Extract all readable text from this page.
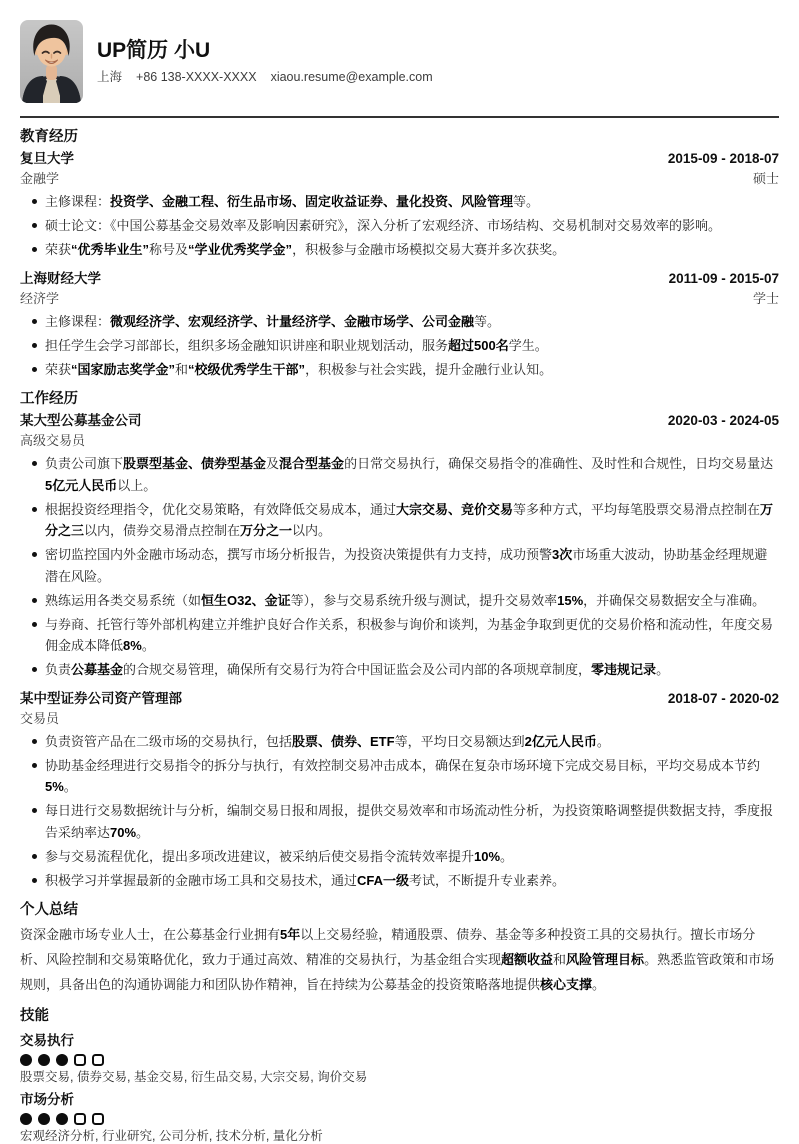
UP简历 小U
上海 +86 138-XXXX-XXXX xiaou.resume@example.com
教育经历
复旦大学	2015-09 - 2018-07
金融学	硕士
主修课程：投资学、金融工程、衍生品市场、固定收益证券、量化投资、风险管理等。
硕士论文：《中国公募基金交易效率及影响因素研究》，深入分析了宏观经济、市场结构、交易机制对交易效率的影响。
荣获“优秀毕业生”称号及“学业优秀奖学金”，积极参与金融市场模拟交易大赛并多次获奖。
上海财经大学	2011-09 - 2015-07
经济学	学士
主修课程：微观经济学、宏观经济学、计量经济学、金融市场学、公司金融等。
担任学生会学习部部长，组织多场金融知识讲座和职业规划活动，服务超过500名学生。
荣获“国家励志奖学金”和“校级优秀学生干部”，积极参与社会实践，提升金融行业认知。
工作经历
某大型公募基金公司	2020-03 - 2024-05
高级交易员
负责公司旗下股票型基金、债券型基金及混合型基金的日常交易执行，确保交易指令的准确性、及时性和合规性，日均交易量达5亿元人民币以上。
根据投资经理指令，优化交易策略，有效降低交易成本，通过大宗交易、竞价交易等多种方式，平均每笔股票交易滑点控制在万分之三以内，债券交易滑点控制在万分之一以内。
密切监控国内外金融市场动态，撰写市场分析报告，为投资决策提供有力支持，成功预警3次市场重大波动，协助基金经理规避潜在风险。
熟练运用各类交易系统（如恒生O32、金证等），参与交易系统升级与测试，提升交易效率15%，并确保交易数据安全与准确。
与券商、托管行等外部机构建立并维护良好合作关系，积极参与询价和谈判，为基金争取到更优的交易价格和流动性，年度交易佣金成本降低8%。
负责公募基金的合规交易管理，确保所有交易行为符合中国证监会及公司内部的各项规章制度，零违规记录。
某中型证券公司资产管理部	2018-07 - 2020-02
交易员
负责资管产品在二级市场的交易执行，包括股票、债券、ETF等，平均日交易额达到2亿元人民币。
协助基金经理进行交易指令的拆分与执行，有效控制交易冲击成本，确保在复杂市场环境下完成交易目标，平均交易成本节约5%。
每日进行交易数据统计与分析，编制交易日报和周报，提供交易效率和市场流动性分析，为投资策略调整提供数据支持，季度报告采纳率达70%。
参与交易流程优化，提出多项改进建议，被采纳后使交易指令流转效率提升10%。
积极学习并掌握最新的金融市场工具和交易技术，通过CFA一级考试，不断提升专业素养。
个人总结

资深金融市场专业人士，在公募基金行业拥有5年以上交易经验，精通股票、债券、基金等多种投资工具的交易执行。擅长市场分析、风险控制和交易策略优化，致力于通过高效、精准的交易执行，为基金组合实现超额收益和风险管理目标。熟悉监管政策和市场规则，具备出色的沟通协调能力和团队协作精神，旨在持续为公募基金的投资策略落地提供核心支撑。

技能
交易执行
股票交易, 债券交易, 基金交易, 衍生品交易, 大宗交易, 询价交易
市场分析
宏观经济分析, 行业研究, 公司分析, 技术分析, 量化分析
